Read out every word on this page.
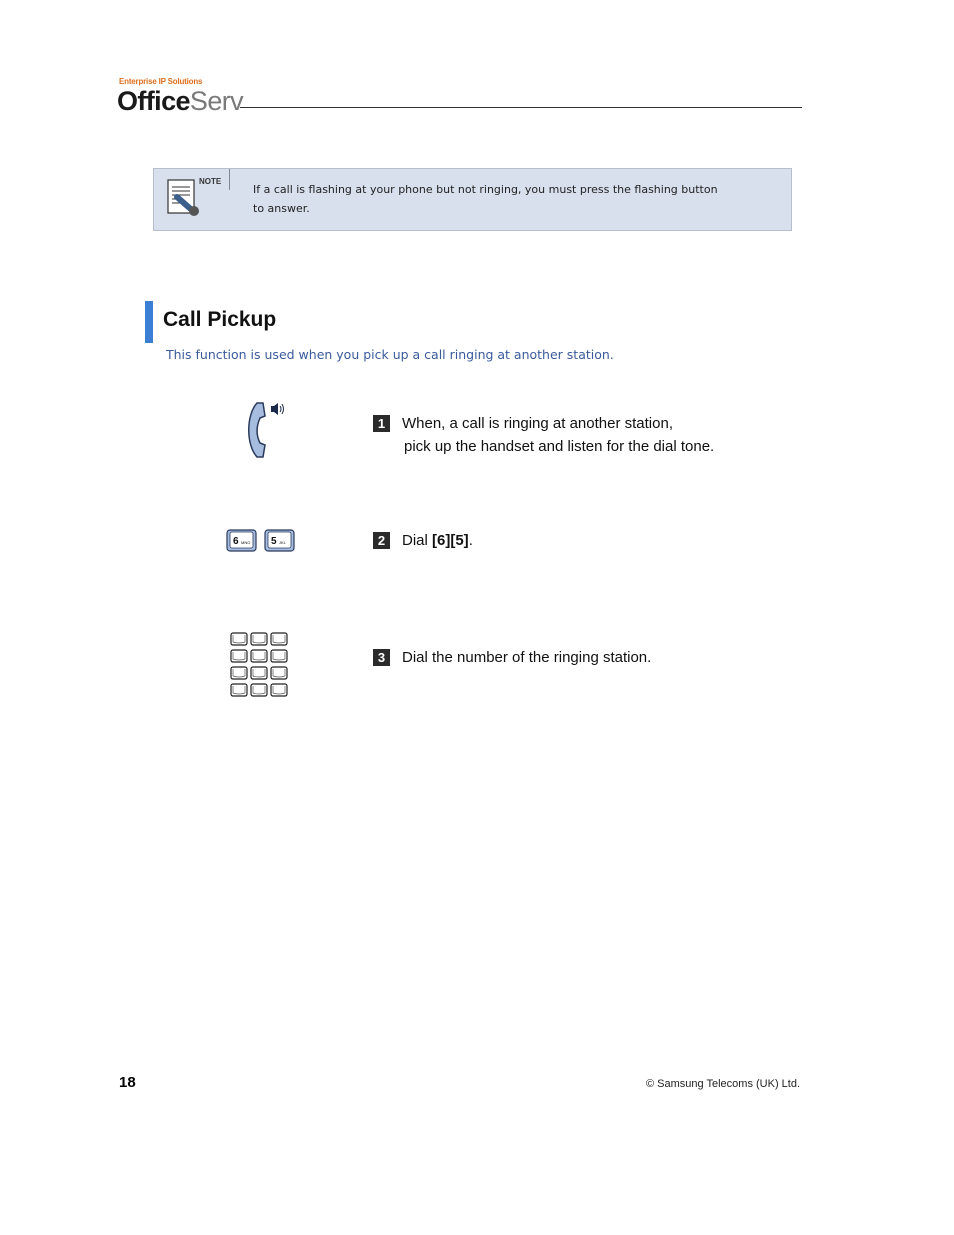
Enterprise IP Solutions
OfficeServ
NOTE
If a call is flashing at your phone but not ringing, you must press the flashing button
to answer.
Call Pickup
This function is used when you pick up a call ringing at another station.
1	When, a call is ringing at another station,
pick up the handset and listen for the dial tone.
6 MNO 5 JKL	2	Dial [6][5].
3	Dial the number of the ringing station.
18	© Samsung Telecoms (UK) Ltd.
